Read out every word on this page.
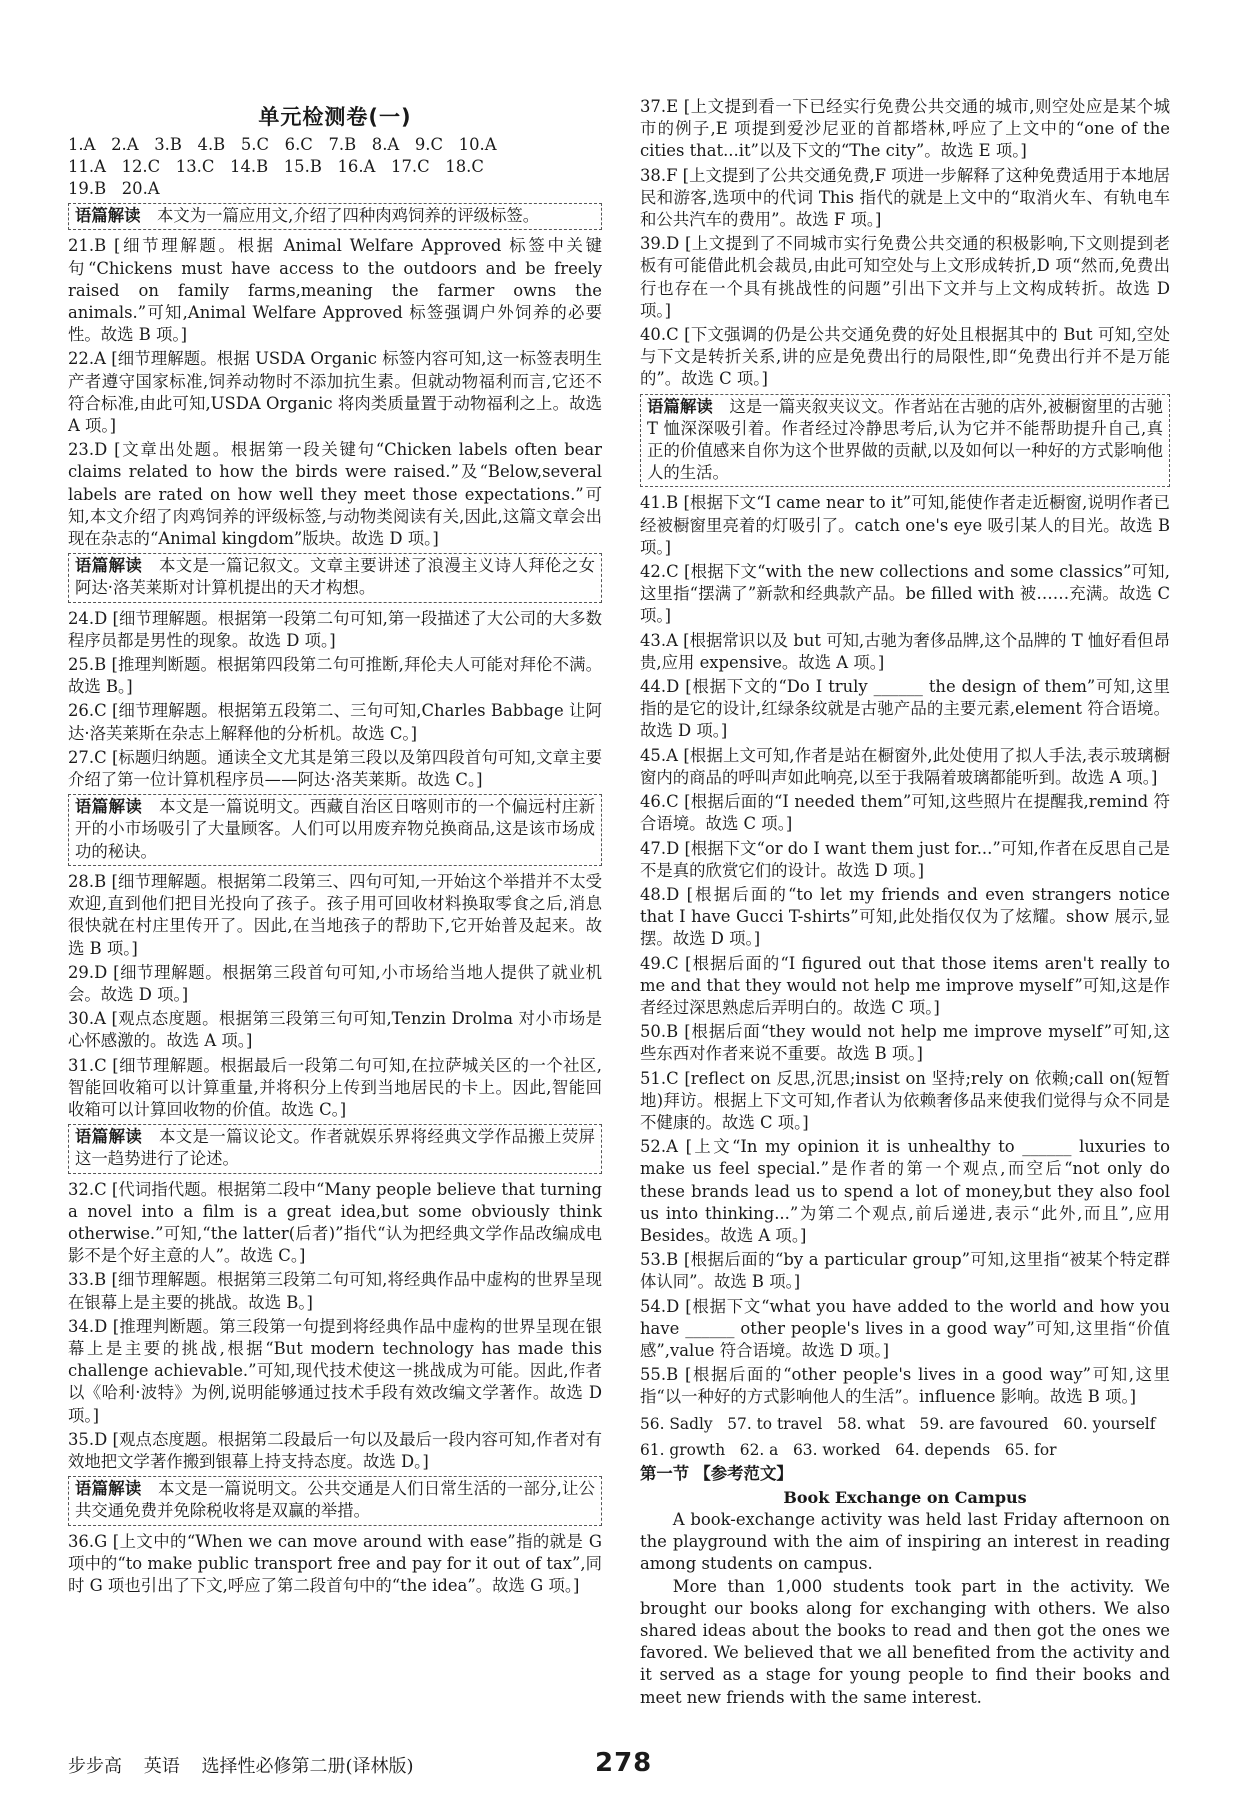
单元检测卷(一)
1.A   2.A   3.B   4.B   5.C   6.C   7.B   8.A   9.C   10.A
11.A   12.C   13.C   14.B   15.B   16.A   17.C   18.C
19.B   20.A
语篇解读  本文为一篇应用文,介绍了四种肉鸡饲养的评级标签。
21.B [细节理解题。根据 Animal Welfare Approved 标签中关键句“Chickens must have access to the outdoors and be freely raised on family farms,meaning the farmer owns the animals.”可知,Animal Welfare Approved 标签强调户外饲养的必要性。故选 B 项。]
22.A [细节理解题。根据 USDA Organic 标签内容可知,这一标签表明生产者遵守国家标准,饲养动物时不添加抗生素。但就动物福利而言,它还不符合标准,由此可知,USDA Organic 将肉类质量置于动物福利之上。故选 A 项。]
23.D [文章出处题。根据第一段关键句“Chicken labels often bear claims related to how the birds were raised.”及“Below,several labels are rated on how well they meet those expectations.”可知,本文介绍了肉鸡饲养的评级标签,与动物类阅读有关,因此,这篇文章会出现在杂志的“Animal kingdom”版块。故选 D 项。]
语篇解读  本文是一篇记叙文。文章主要讲述了浪漫主义诗人拜伦之女阿达·洛芙莱斯对计算机提出的天才构想。
24.D [细节理解题。根据第一段第二句可知,第一段描述了大公司的大多数程序员都是男性的现象。故选 D 项。]
25.B [推理判断题。根据第四段第二句可推断,拜伦夫人可能对拜伦不满。故选 B。]
26.C [细节理解题。根据第五段第二、三句可知,Charles Babbage 让阿达·洛芙莱斯在杂志上解释他的分析机。故选 C。]
27.C [标题归纳题。通读全文尤其是第三段以及第四段首句可知,文章主要介绍了第一位计算机程序员——阿达·洛芙莱斯。故选 C。]
语篇解读  本文是一篇说明文。西藏自治区日喀则市的一个偏远村庄新开的小市场吸引了大量顾客。人们可以用废弃物兑换商品,这是该市场成功的秘诀。
28.B [细节理解题。根据第二段第三、四句可知,一开始这个举措并不太受欢迎,直到他们把目光投向了孩子。孩子用可回收材料换取零食之后,消息很快就在村庄里传开了。因此,在当地孩子的帮助下,它开始普及起来。故选 B 项。]
29.D [细节理解题。根据第三段首句可知,小市场给当地人提供了就业机会。故选 D 项。]
30.A [观点态度题。根据第三段第三句可知,Tenzin Drolma 对小市场是心怀感激的。故选 A 项。]
31.C [细节理解题。根据最后一段第二句可知,在拉萨城关区的一个社区,智能回收箱可以计算重量,并将积分上传到当地居民的卡上。因此,智能回收箱可以计算回收物的价值。故选 C。]
语篇解读  本文是一篇议论文。作者就娱乐界将经典文学作品搬上荧屏这一趋势进行了论述。
32.C [代词指代题。根据第二段中“Many people believe that turning a novel into a film is a great idea,but some obviously think otherwise.”可知,“the latter(后者)”指代“认为把经典文学作品改编成电影不是个好主意的人”。故选 C。]
33.B [细节理解题。根据第三段第二句可知,将经典作品中虚构的世界呈现在银幕上是主要的挑战。故选 B。]
34.D [推理判断题。第三段第一句提到将经典作品中虚构的世界呈现在银幕上是主要的挑战,根据“But modern technology has made this challenge achievable.”可知,现代技术使这一挑战成为可能。因此,作者以《哈利·波特》为例,说明能够通过技术手段有效改编文学著作。故选 D 项。]
35.D [观点态度题。根据第二段最后一句以及最后一段内容可知,作者对有效地把文学著作搬到银幕上持支持态度。故选 D。]
语篇解读  本文是一篇说明文。公共交通是人们日常生活的一部分,让公共交通免费并免除税收将是双赢的举措。
36.G [上文中的“When we can move around with ease”指的就是 G 项中的“to make public transport free and pay for it out of tax”,同时 G 项也引出了下文,呼应了第二段首句中的“the idea”。故选 G 项。]
37.E [上文提到看一下已经实行免费公共交通的城市,则空处应是某个城市的例子,E 项提到爱沙尼亚的首都塔林,呼应了上文中的“one of the cities that...it”以及下文的“The city”。故选 E 项。]
38.F [上文提到了公共交通免费,F 项进一步解释了这种免费适用于本地居民和游客,选项中的代词 This 指代的就是上文中的“取消火车、有轨电车和公共汽车的费用”。故选 F 项。]
39.D [上文提到了不同城市实行免费公共交通的积极影响,下文则提到老板有可能借此机会裁员,由此可知空处与上文形成转折,D 项“然而,免费出行也存在一个具有挑战性的问题”引出下文并与上文构成转折。故选 D 项。]
40.C [下文强调的仍是公共交通免费的好处且根据其中的 But 可知,空处与下文是转折关系,讲的应是免费出行的局限性,即“免费出行并不是万能的”。故选 C 项。]
语篇解读  这是一篇夹叙夹议文。作者站在古驰的店外,被橱窗里的古驰 T 恤深深吸引着。作者经过冷静思考后,认为它并不能帮助提升自己,真正的价值感来自你为这个世界做的贡献,以及如何以一种好的方式影响他人的生活。
41.B [根据下文“I came near to it”可知,能使作者走近橱窗,说明作者已经被橱窗里亮着的灯吸引了。catch one's eye 吸引某人的目光。故选 B 项。]
42.C [根据下文“with the new collections and some classics”可知,这里指“摆满了”新款和经典款产品。be filled with 被……充满。故选 C 项。]
43.A [根据常识以及 but 可知,古驰为奢侈品牌,这个品牌的 T 恤好看但昂贵,应用 expensive。故选 A 项。]
44.D [根据下文的“Do I truly ______ the design of them”可知,这里指的是它的设计,红绿条纹就是古驰产品的主要元素,element 符合语境。故选 D 项。]
45.A [根据上文可知,作者是站在橱窗外,此处使用了拟人手法,表示玻璃橱窗内的商品的呼叫声如此响亮,以至于我隔着玻璃都能听到。故选 A 项。]
46.C [根据后面的“I needed them”可知,这些照片在提醒我,remind 符合语境。故选 C 项。]
47.D [根据下文“or do I want them just for...”可知,作者在反思自己是不是真的欣赏它们的设计。故选 D 项。]
48.D [根据后面的“to let my friends and even strangers notice that I have Gucci T-shirts”可知,此处指仅仅为了炫耀。show 展示,显摆。故选 D 项。]
49.C [根据后面的“I figured out that those items aren't really to me and that they would not help me improve myself”可知,这是作者经过深思熟虑后弄明白的。故选 C 项。]
50.B [根据后面“they would not help me improve myself”可知,这些东西对作者来说不重要。故选 B 项。]
51.C [reflect on 反思,沉思;insist on 坚持;rely on 依赖;call on(短暂地)拜访。根据上下文可知,作者认为依赖奢侈品来使我们觉得与众不同是不健康的。故选 C 项。]
52.A [上文“In my opinion it is unhealthy to ______ luxuries to make us feel special.”是作者的第一个观点,而空后“not only do these brands lead us to spend a lot of money,but they also fool us into thinking...”为第二个观点,前后递进,表示“此外,而且”,应用 Besides。故选 A 项。]
53.B [根据后面的“by a particular group”可知,这里指“被某个特定群体认同”。故选 B 项。]
54.D [根据下文“what you have added to the world and how you have ______ other people's lives in a good way”可知,这里指“价值感”,value 符合语境。故选 D 项。]
55.B [根据后面的“other people's lives in a good way”可知,这里指“以一种好的方式影响他人的生活”。influence 影响。故选 B 项。]
56. Sadly   57. to travel   58. what   59. are favoured   60. yourself
61. growth   62. a   63. worked   64. depends   65. for
第一节 【参考范文】
Book Exchange on Campus

A book-exchange activity was held last Friday afternoon on the playground with the aim of inspiring an interest in reading among students on campus.

More than 1,000 students took part in the activity. We brought our books along for exchanging with others. We also shared ideas about the books to read and then got the ones we favored. We believed that we all benefited from the activity and it served as a stage for young people to find their books and meet new friends with the same interest.

步步高 英语 选择性必修第二册(译林版)	278
